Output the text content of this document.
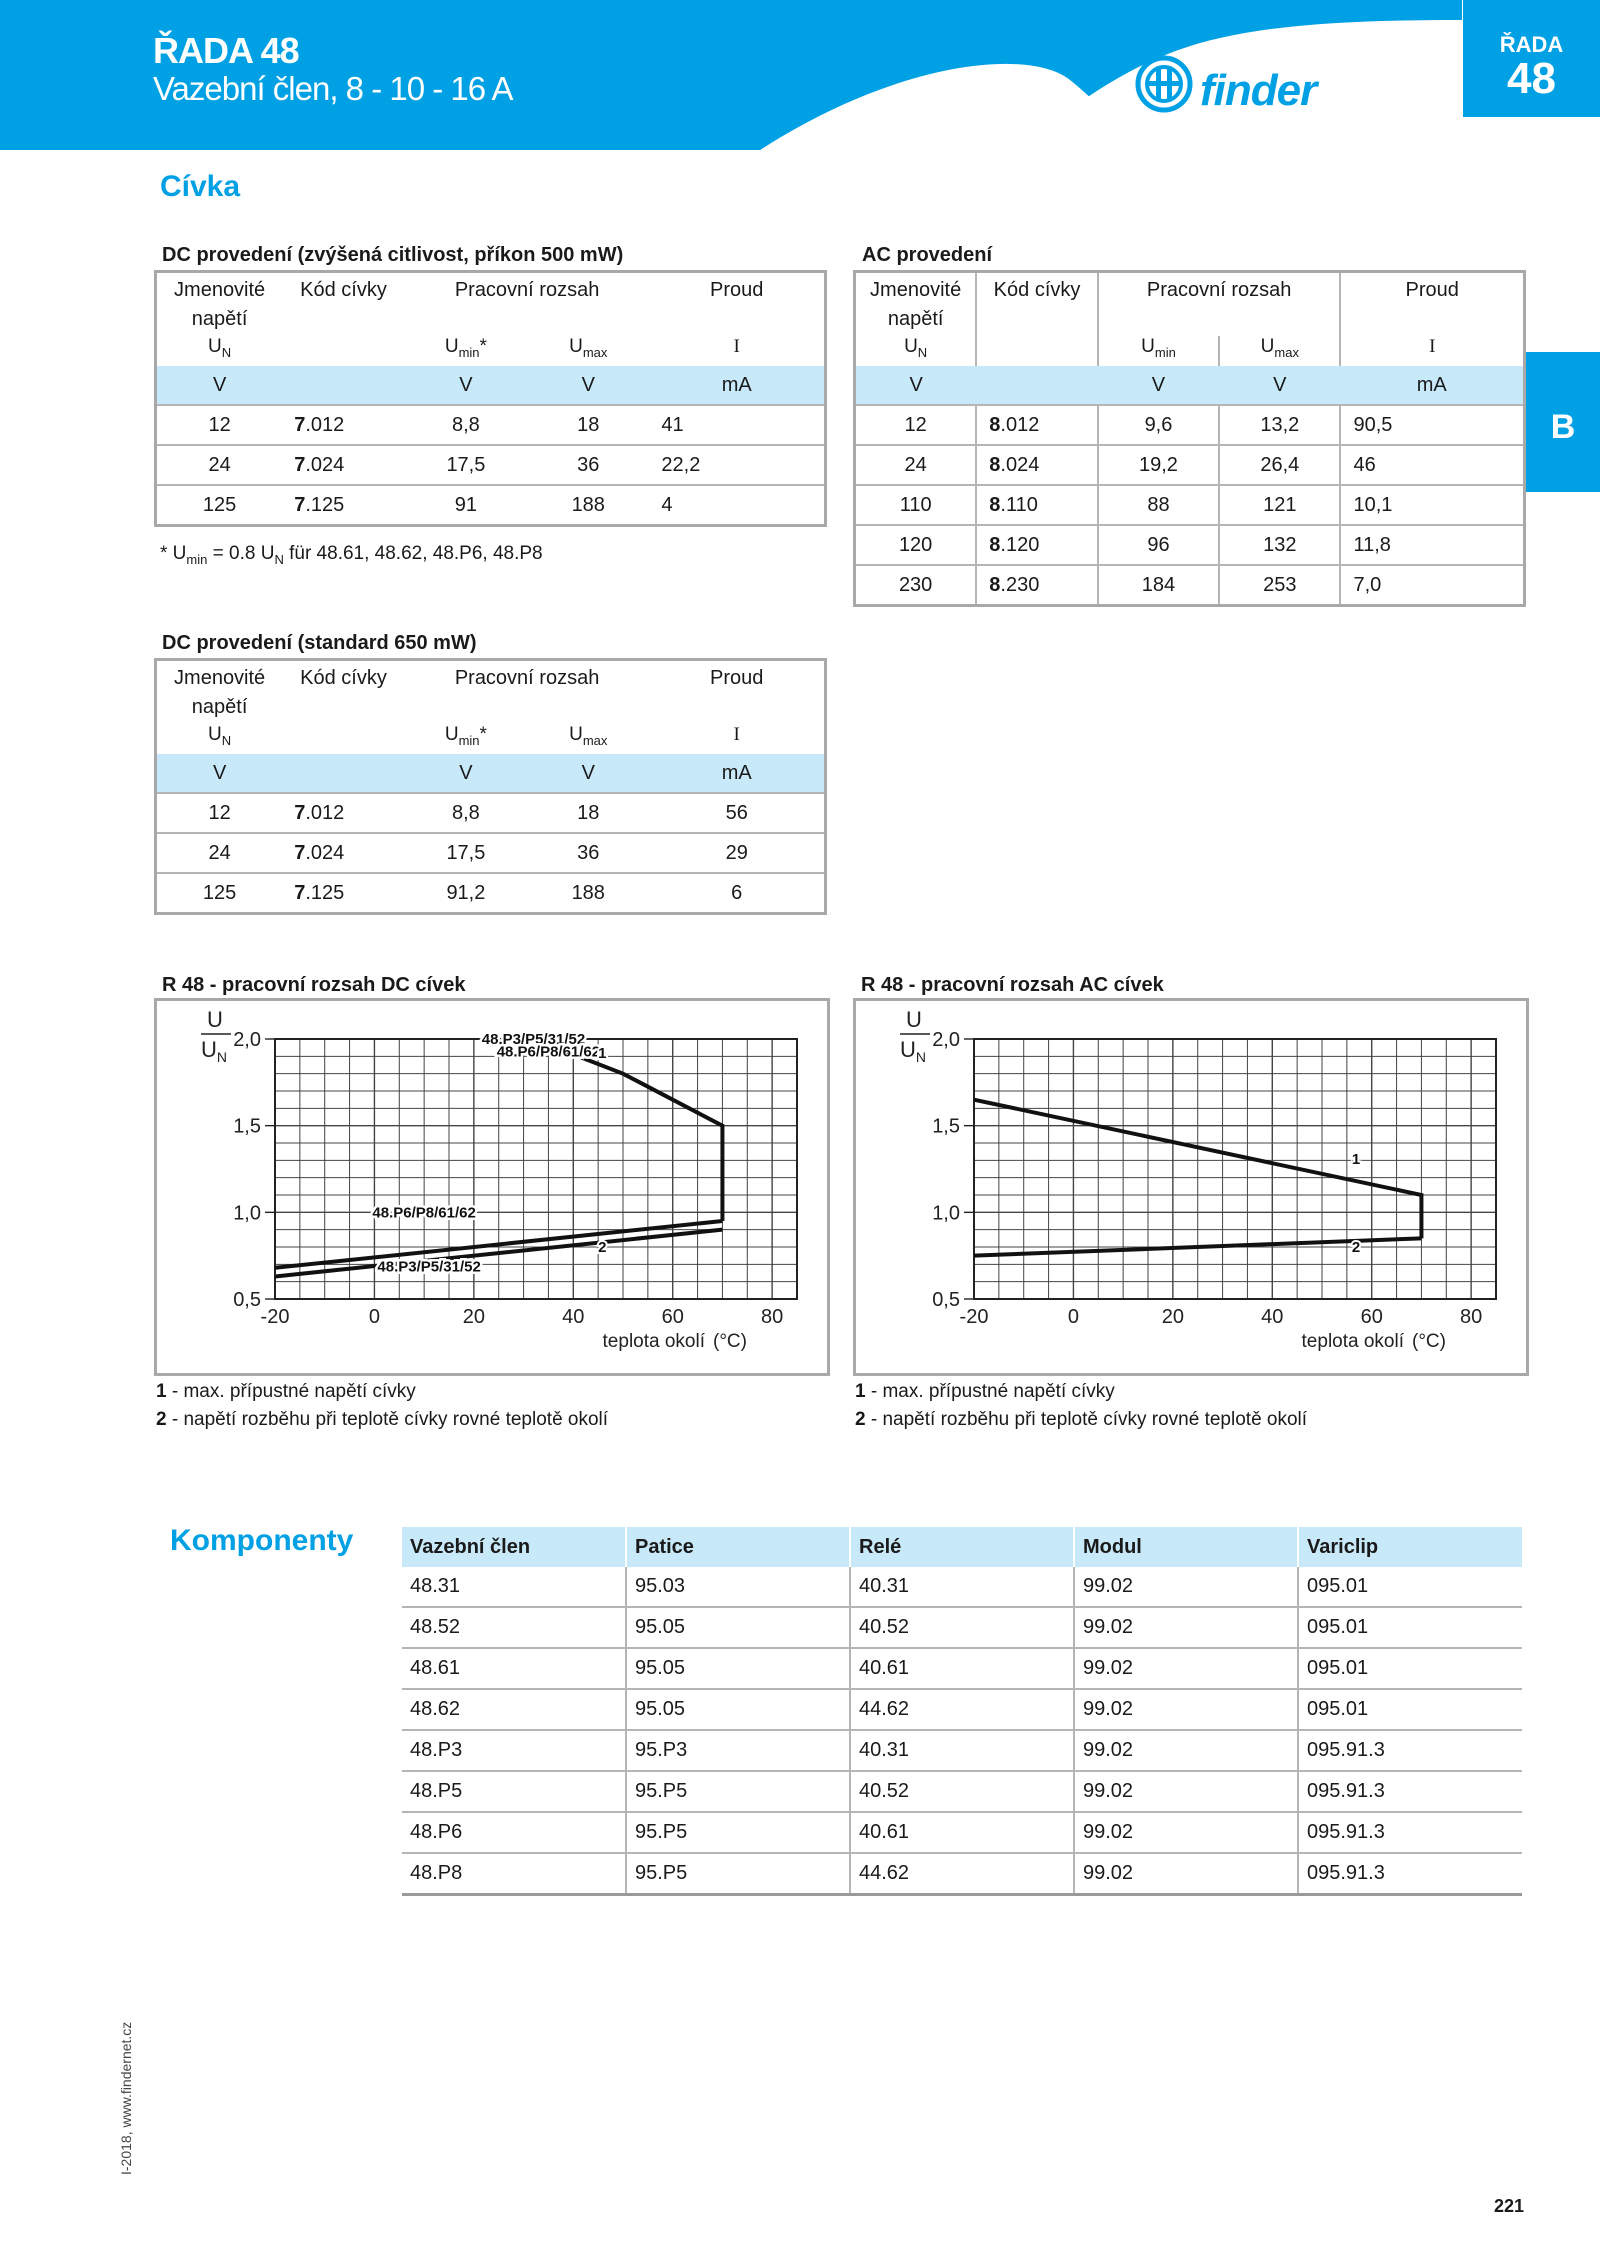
ŘADA 48
Vazební člen, 8 - 10 - 16 A
ŘADA
48
finder
B
Cívka
DC provedení (zvýšená citlivost, příkon 500 mW)
Jmenovité napětí	Kód cívky	Pracovní rozsah		Proud
$U_N$		$U_{min}*$	$U_{max}$	I
V		V	V	mA
12	7.012	8,8	18	41
24	7.024	17,5	36	22,2
125	7.125	91	188	4
* $U_{min} = 0.8$ $U_N$ für 48.61, 48.62, 48.P6, 48.P8
AC provedení
Jmenovité napětí	Kód cívky	Pracovní rozsah		Proud
$U_N$		$U_{min}$	$U_{max}$	I
V		V	V	mA
12	8.012	9,6	13,2	90,5
24	8.024	19,2	26,4	46
110	8.110	88	121	10,1
120	8.120	96	132	11,8
230	8.230	184	253	7,0
DC provedení (standard 650 mW)
Jmenovité napětí	Kód cívky	Pracovní rozsah		Proud
$U_N$		$U_{min}*$	$U_{max}$	I
V		V	V	mA
12	7.012	8,8	18	56
24	7.024	17,5	36	29
125	7.125	91,2	188	6
R 48 - pracovní rozsah DC cívek
0,5
1,0
1,5
2,0
-20	0	20	40	60	80
U
$U_N$
teplota okolí (°C)
48.P3/P5/31/52
48.P6/P8/61/62
1
48.P6/P8/61/62
2
48.P3/P5/31/52
R 48 - pracovní rozsah AC cívek
0,5
1,0
1,5
2,0
-20	0	20	40	60	80
U
$U_N$
teplota okolí (°C)
1
2
1 - max. přípustné napětí cívky
2 - napětí rozběhu při teplotě cívky rovné teplotě okolí
1 - max. přípustné napětí cívky
2 - napětí rozběhu při teplotě cívky rovné teplotě okolí
Komponenty	Vazební člen	Patice	Relé	Modul	Variclip
48.31	95.03	40.31	99.02	095.01
48.52	95.05	40.52	99.02	095.01
48.61	95.05	40.61	99.02	095.01
48.62	95.05	44.62	99.02	095.01
48.P3	95.P3	40.31	99.02	095.91.3
48.P5	95.P5	40.52	99.02	095.91.3
48.P6	95.P5	40.61	99.02	095.91.3
48.P8	95.P5	44.62	99.02	095.91.3
I-2018, www.findernet.cz
221
